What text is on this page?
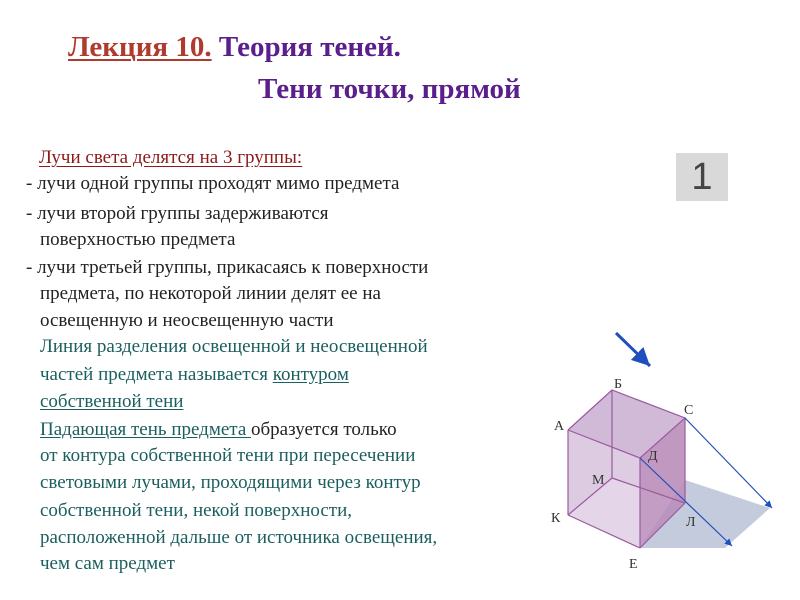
Лекция 10. Теория теней.
Тени точки, прямой
1
Лучи света делятся на 3 группы:
- лучи одной группы проходят мимо предмета
- лучи второй группы задерживаются
поверхностью предмета
- лучи третьей группы, прикасаясь к поверхности
предмета, по некоторой линии делят ее на
освещенную и неосвещенную части
Линия разделения освещенной и неосвещенной
частей предмета называется контуром
собственной тени
Падающая тень предмета образуется только
от контура собственной тени при пересечении
световыми лучами, проходящими через контур
собственной тени, некой поверхности,
расположенной дальше от источника освещения,
чем сам предмет
А
Б
С
Д
М
К
Е
Л
